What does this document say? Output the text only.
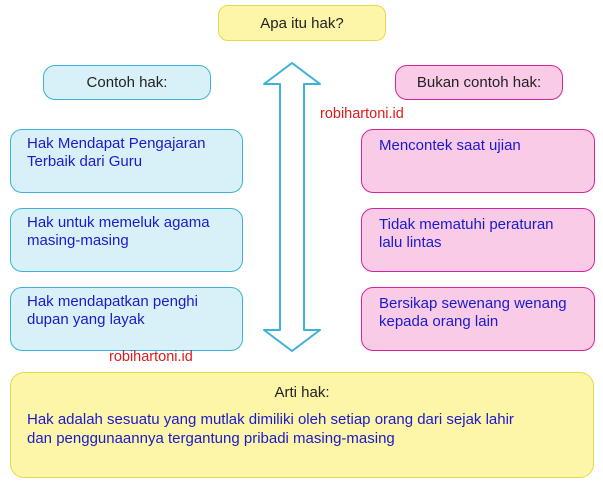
Apa itu hak?
Contoh hak:	Bukan contoh hak:
robihartoni.id
Hak Mendapat Pengajaran
Terbaik dari Guru
Hak untuk memeluk agama
masing-masing
Hak mendapatkan penghi
dupan yang layak
Mencontek saat ujian
Tidak mematuhi peraturan
lalu lintas
Bersikap sewenang wenang
kepada orang lain
robihartoni.id
Arti hak:
Hak adalah sesuatu yang mutlak dimiliki oleh setiap orang dari sejak lahir
dan penggunaannya tergantung pribadi masing-masing
